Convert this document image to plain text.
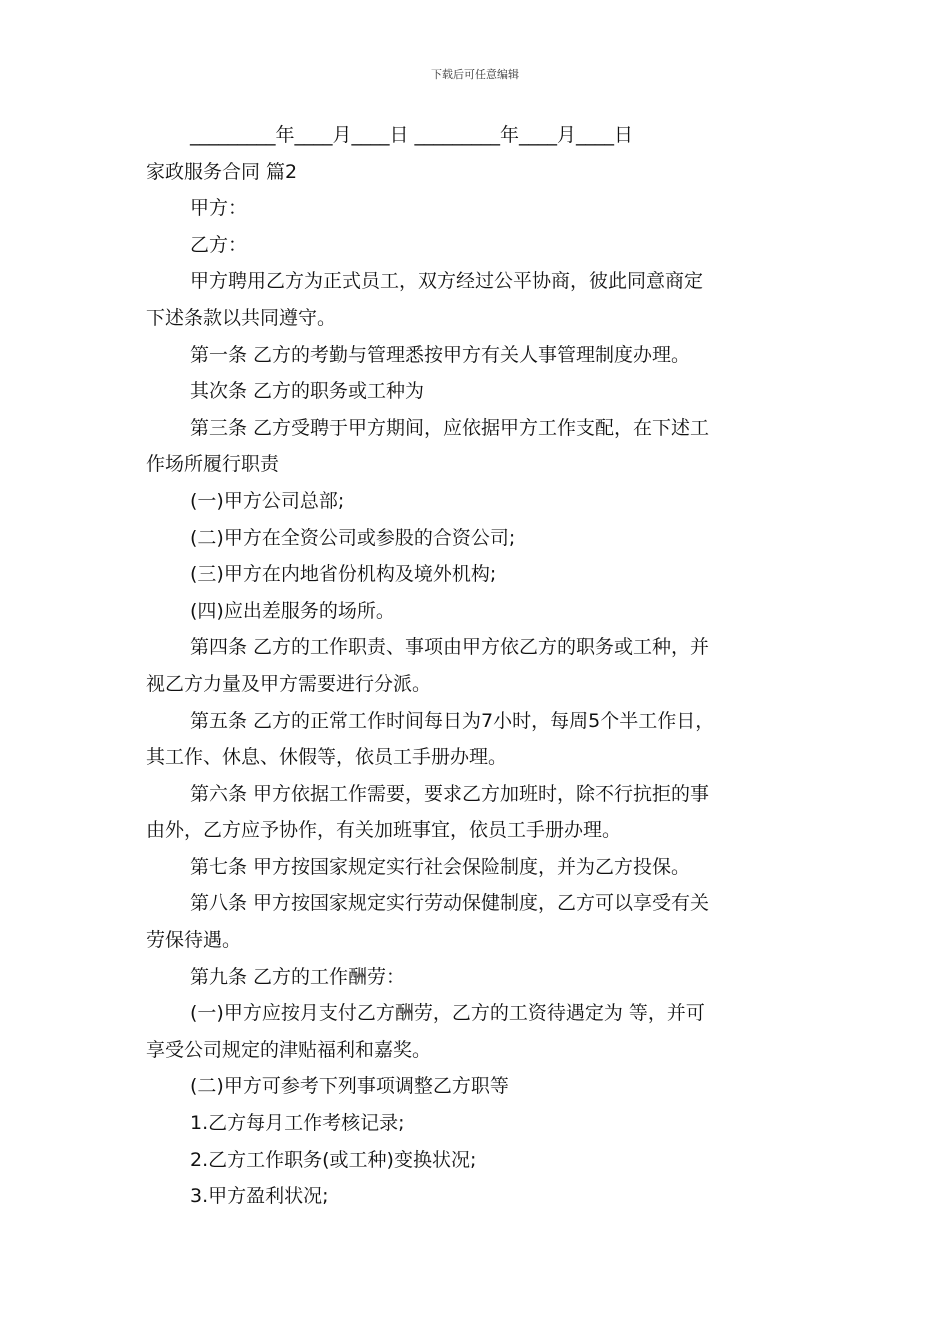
下载后可任意编辑
_________年____月____日 _________年____月____日
家政服务合同 篇2
甲方：
乙方：
甲方聘用乙方为正式员工，双方经过公平协商，彼此同意商定
下述条款以共同遵守。
第一条 乙方的考勤与管理悉按甲方有关人事管理制度办理。
其次条 乙方的职务或工种为
第三条 乙方受聘于甲方期间，应依据甲方工作支配，在下述工
作场所履行职责
(一)甲方公司总部;
(二)甲方在全资公司或参股的合资公司;
(三)甲方在内地省份机构及境外机构;
(四)应出差服务的场所。
第四条 乙方的工作职责、事项由甲方依乙方的职务或工种，并
视乙方力量及甲方需要进行分派。
第五条 乙方的正常工作时间每日为7小时，每周5个半工作日，
其工作、休息、休假等，依员工手册办理。
第六条 甲方依据工作需要，要求乙方加班时，除不行抗拒的事
由外，乙方应予协作，有关加班事宜，依员工手册办理。
第七条 甲方按国家规定实行社会保险制度，并为乙方投保。
第八条 甲方按国家规定实行劳动保健制度，乙方可以享受有关
劳保待遇。
第九条 乙方的工作酬劳：
(一)甲方应按月支付乙方酬劳，乙方的工资待遇定为 等，并可
享受公司规定的津贴福利和嘉奖。
(二)甲方可参考下列事项调整乙方职等
1.乙方每月工作考核记录;
2.乙方工作职务(或工种)变换状况;
3.甲方盈利状况;
